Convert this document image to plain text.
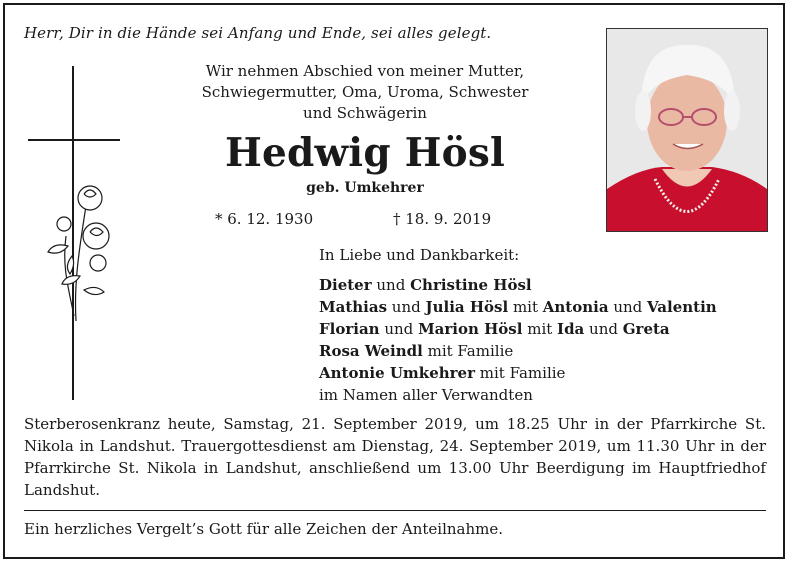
Herr, Dir in die Hände sei Anfang und Ende, sei alles gelegt.
Wir nehmen Abschied von meiner Mutter,
Schwiegermutter, Oma, Uroma, Schwester
und Schwägerin
Hedwig Hösl
geb. Umkehrer
* 6. 12. 1930	† 18. 9. 2019
In Liebe und Dankbarkeit:
Dieter und Christine Hösl
Mathias und Julia Hösl mit Antonia und Valentin
Florian und Marion Hösl mit Ida und Greta
Rosa Weindl mit Familie
Antonie Umkehrer mit Familie
im Namen aller Verwandten

Sterberosenkranz heute, Samstag, 21. September 2019, um 18.25 Uhr in der Pfarrkirche St. Nikola in Landshut. Trauergottesdienst am Dienstag, 24. September 2019, um 11.30 Uhr in der Pfarrkirche St. Nikola in Landshut, anschließend um 13.00 Uhr Beerdigung im Hauptfriedhof Landshut.

Ein herzliches Vergelt’s Gott für alle Zeichen der Anteilnahme.
